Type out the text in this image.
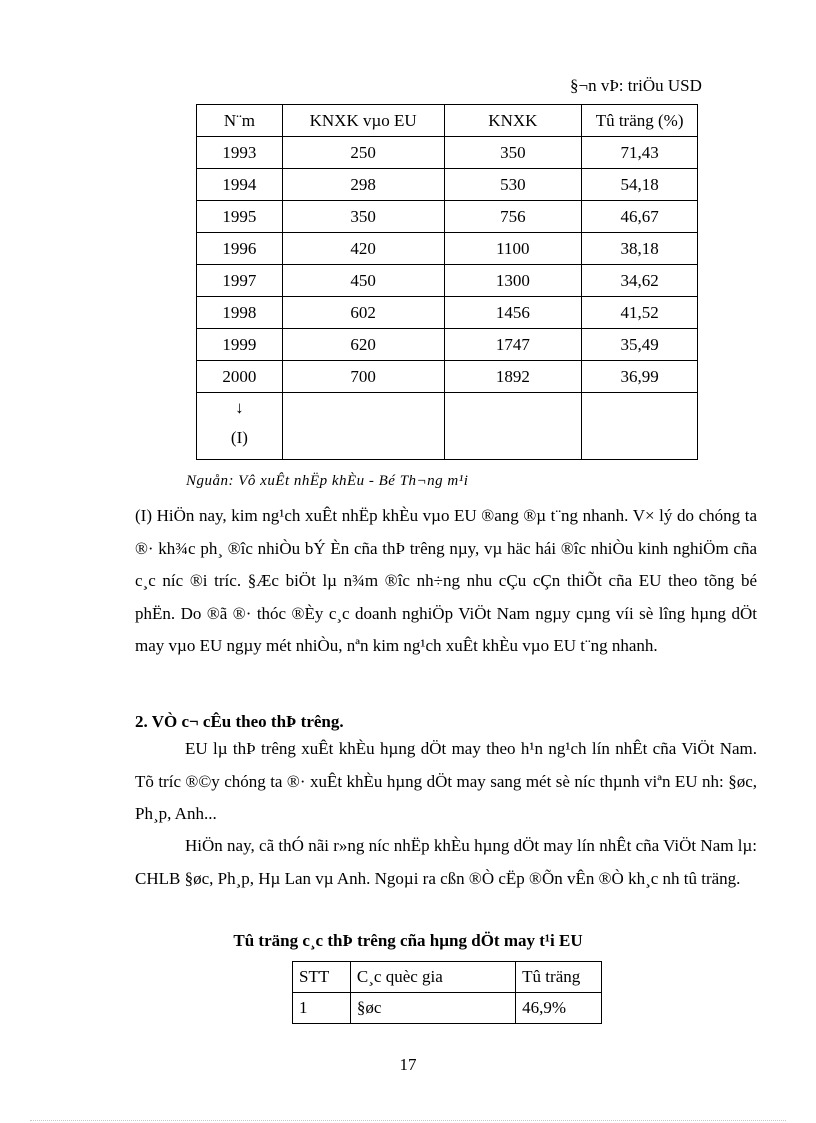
§¬n vÞ: triÖu USD
N¨m	KNXK vµo EU	KNXK	Tû träng (%)
1993	250	350	71,43
1994	298	530	54,18
1995	350	756	46,67
1996	420	1100	38,18
1997	450	1300	34,62
1998	602	1456	41,52
1999	620	1747	35,49
2000	700	1892	36,99

↓
(I)			

Nguån: Vô xuÊt nhËp khÈu - Bé Th¬ng m¹i
(I) HiÖn nay, kim ng¹ch xuÊt nhËp khÈu vµo EU ®ang ®µ t¨ng nhanh. V× lý do chóng ta ®· kh¾c ph¸ ®îc nhiÒu bÝ Èn cña thÞ trêng nµy, vµ häc hái ®îc nhiÒu kinh nghiÖm cña c¸c níc ®i tríc. §Æc biÖt lµ n¾m ®îc nh÷ng nhu cÇu cÇn thiÕt cña EU theo tõng bé phËn. Do ®ã ®· thóc ®Èy c¸c doanh nghiÖp ViÖt Nam ngµy cµng víi sè lîng hµng dÖt may vµo EU ngµy mét nhiÒu, nªn kim ng¹ch xuÊt khÈu vµo EU t¨ng nhanh.
2. VÒ c¬ cÊu theo thÞ trêng.
EU lµ thÞ trêng xuÊt khÈu hµng dÖt may theo h¹n ng¹ch lín nhÊt cña ViÖt Nam. Tõ tríc ®©y chóng ta ®· xuÊt khÈu hµng dÖt may sang mét sè níc thµnh viªn EU nh: §øc, Ph¸p, Anh...
HiÖn nay, cã thÓ nãi r»ng níc nhËp khÈu hµng dÖt may lín nhÊt cña ViÖt Nam lµ: CHLB §øc, Ph¸p, Hµ Lan vµ Anh. Ngoµi ra cßn ®Ò cËp ®Õn vÊn ®Ò kh¸c nh tû träng.
Tû träng c¸c thÞ trêng cña hµng dÖt may t¹i EU
STT	C¸c quèc gia	Tû träng
1	§øc	46,9%
17
